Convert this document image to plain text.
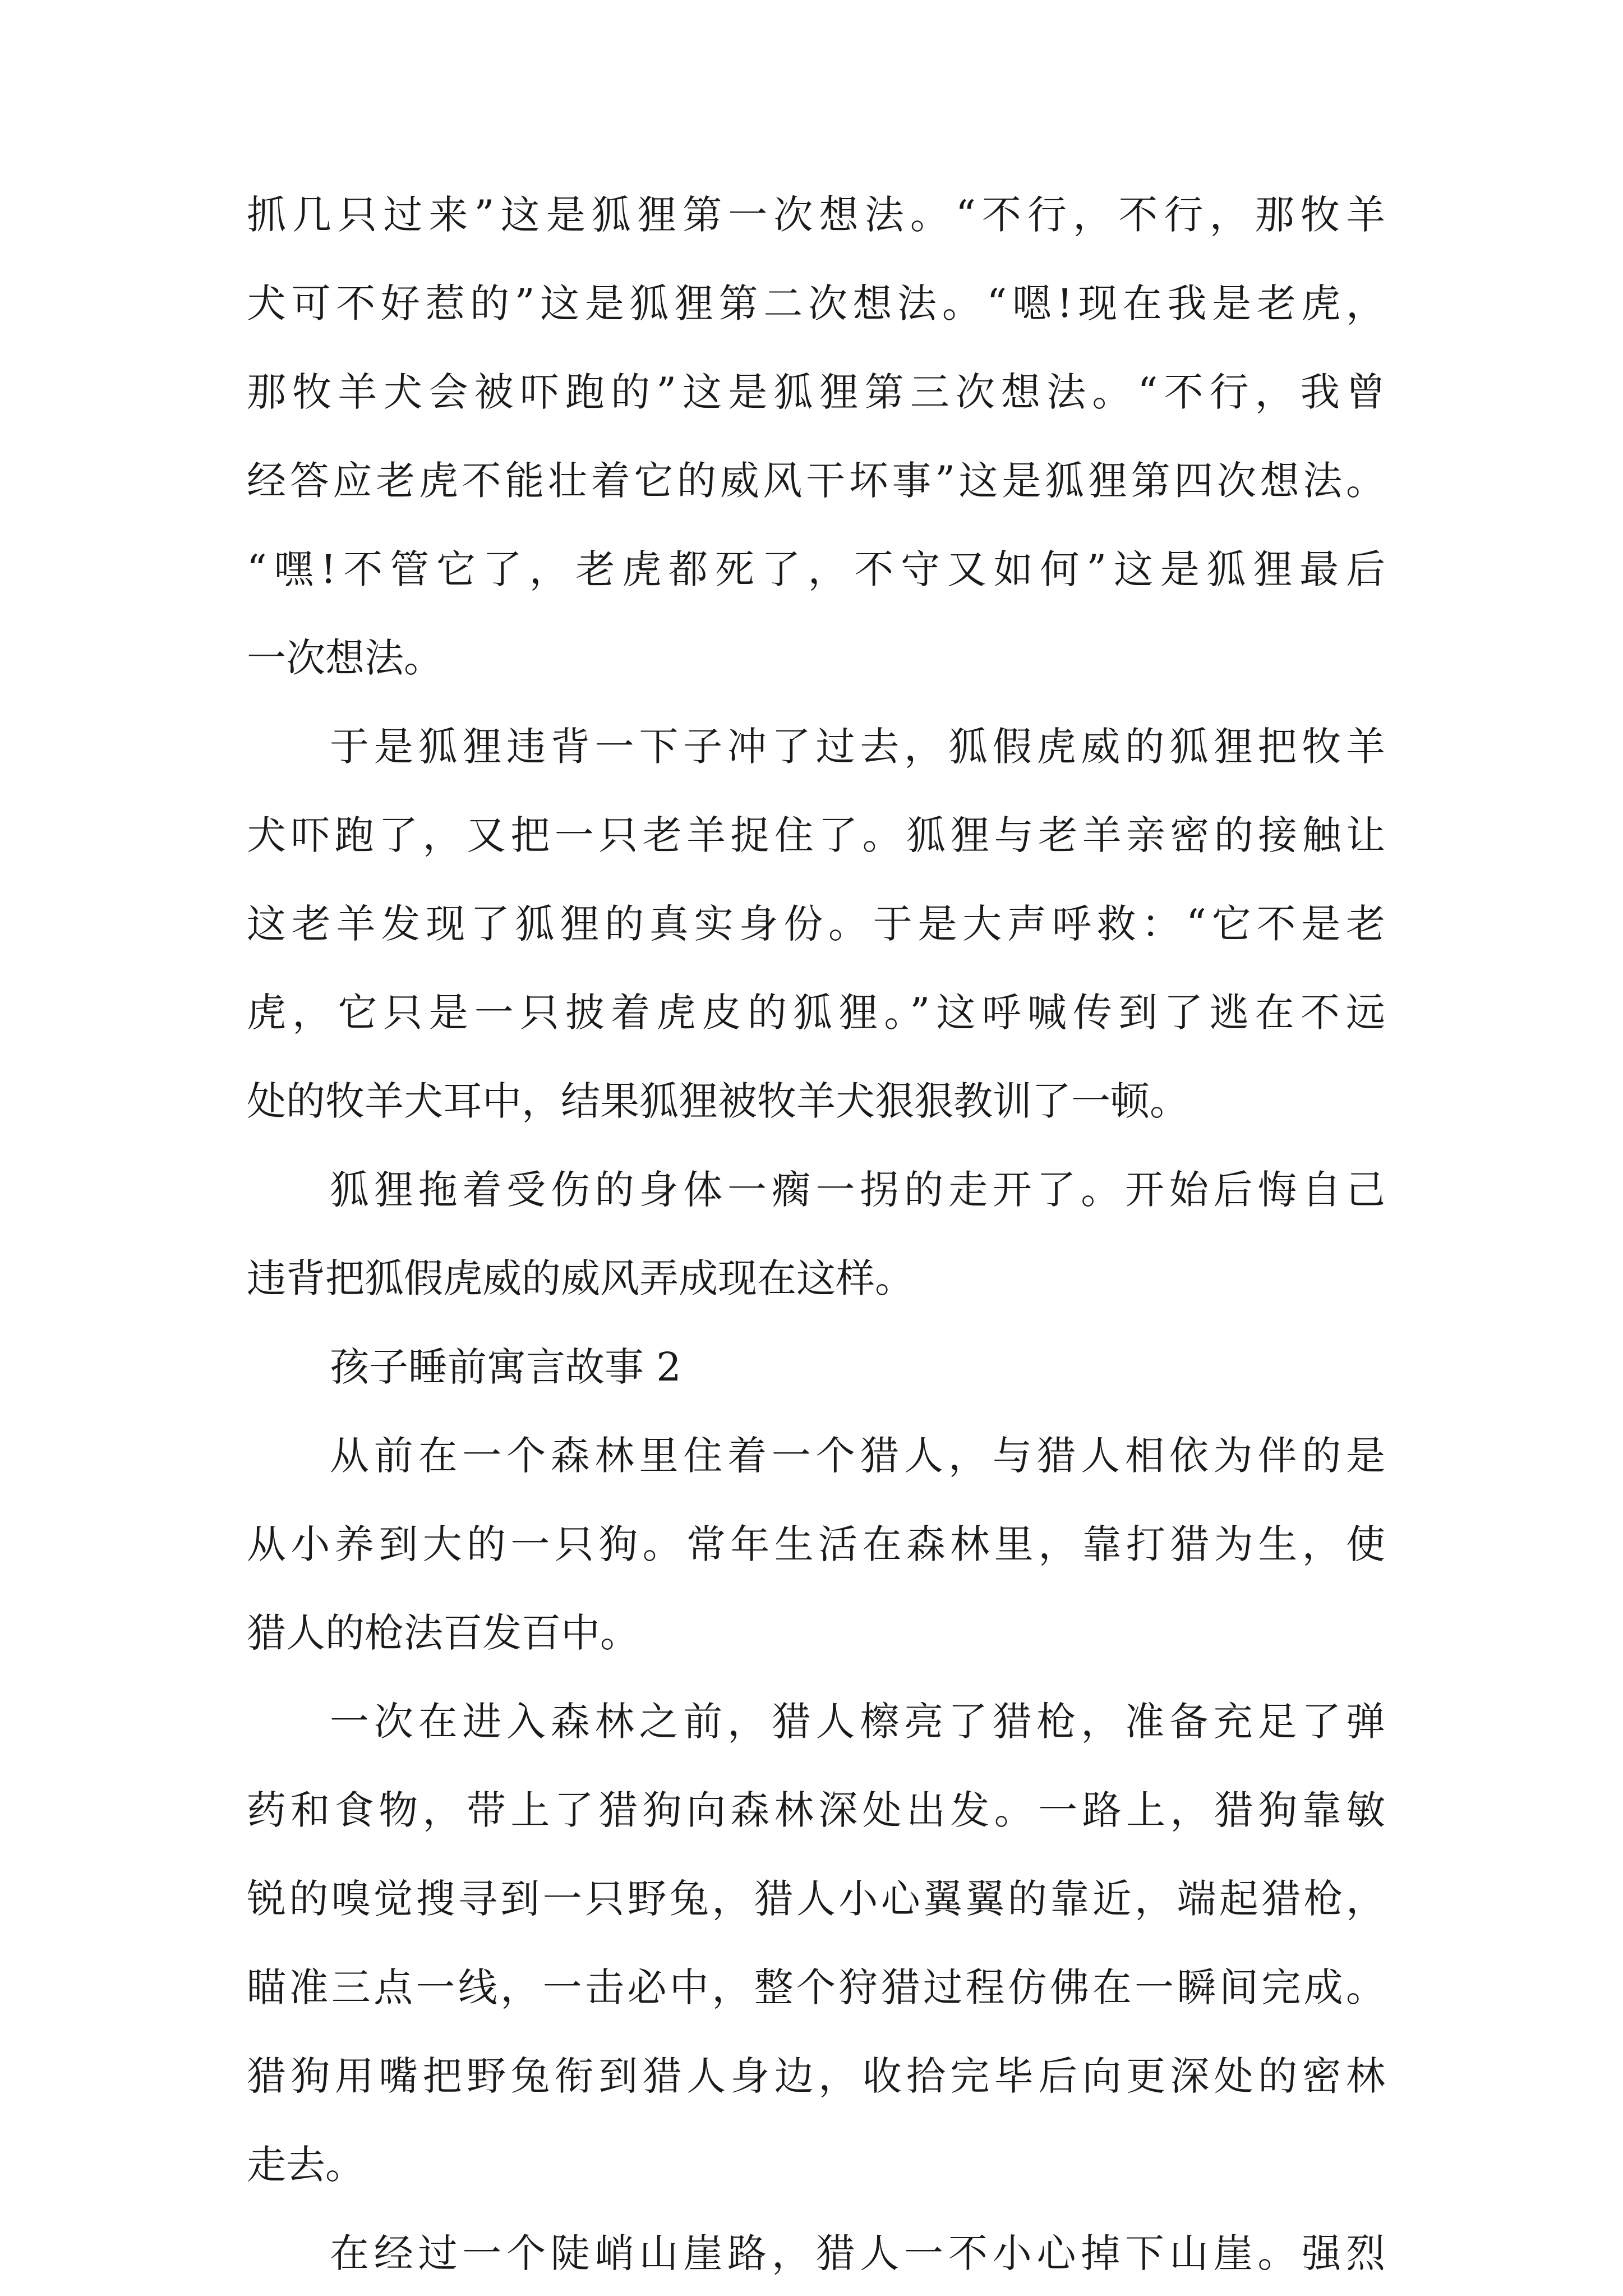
抓几只过来”这是狐狸第一次想法。“不行，不行，那牧羊
犬可不好惹的”这是狐狸第二次想法。“嗯!现在我是老虎，
那牧羊犬会被吓跑的”这是狐狸第三次想法。“不行，我曾
经答应老虎不能壮着它的威风干坏事”这是狐狸第四次想法。
“嘿!不管它了，老虎都死了，不守又如何”这是狐狸最后
一次想法。
于是狐狸违背一下子冲了过去，狐假虎威的狐狸把牧羊
犬吓跑了，又把一只老羊捉住了。狐狸与老羊亲密的接触让
这老羊发现了狐狸的真实身份。于是大声呼救：“它不是老
虎，它只是一只披着虎皮的狐狸。”这呼喊传到了逃在不远
处的牧羊犬耳中，结果狐狸被牧羊犬狠狠教训了一顿。
狐狸拖着受伤的身体一瘸一拐的走开了。开始后悔自己
违背把狐假虎威的威风弄成现在这样。
孩子睡前寓言故事 2
从前在一个森林里住着一个猎人，与猎人相依为伴的是
从小养到大的一只狗。常年生活在森林里，靠打猎为生，使
猎人的枪法百发百中。
一次在进入森林之前，猎人檫亮了猎枪，准备充足了弹
药和食物，带上了猎狗向森林深处出发。一路上，猎狗靠敏
锐的嗅觉搜寻到一只野兔，猎人小心翼翼的靠近，端起猎枪，
瞄准三点一线，一击必中，整个狩猎过程仿佛在一瞬间完成。
猎狗用嘴把野兔衔到猎人身边，收拾完毕后向更深处的密林
走去。
在经过一个陡峭山崖路，猎人一不小心掉下山崖。强烈
